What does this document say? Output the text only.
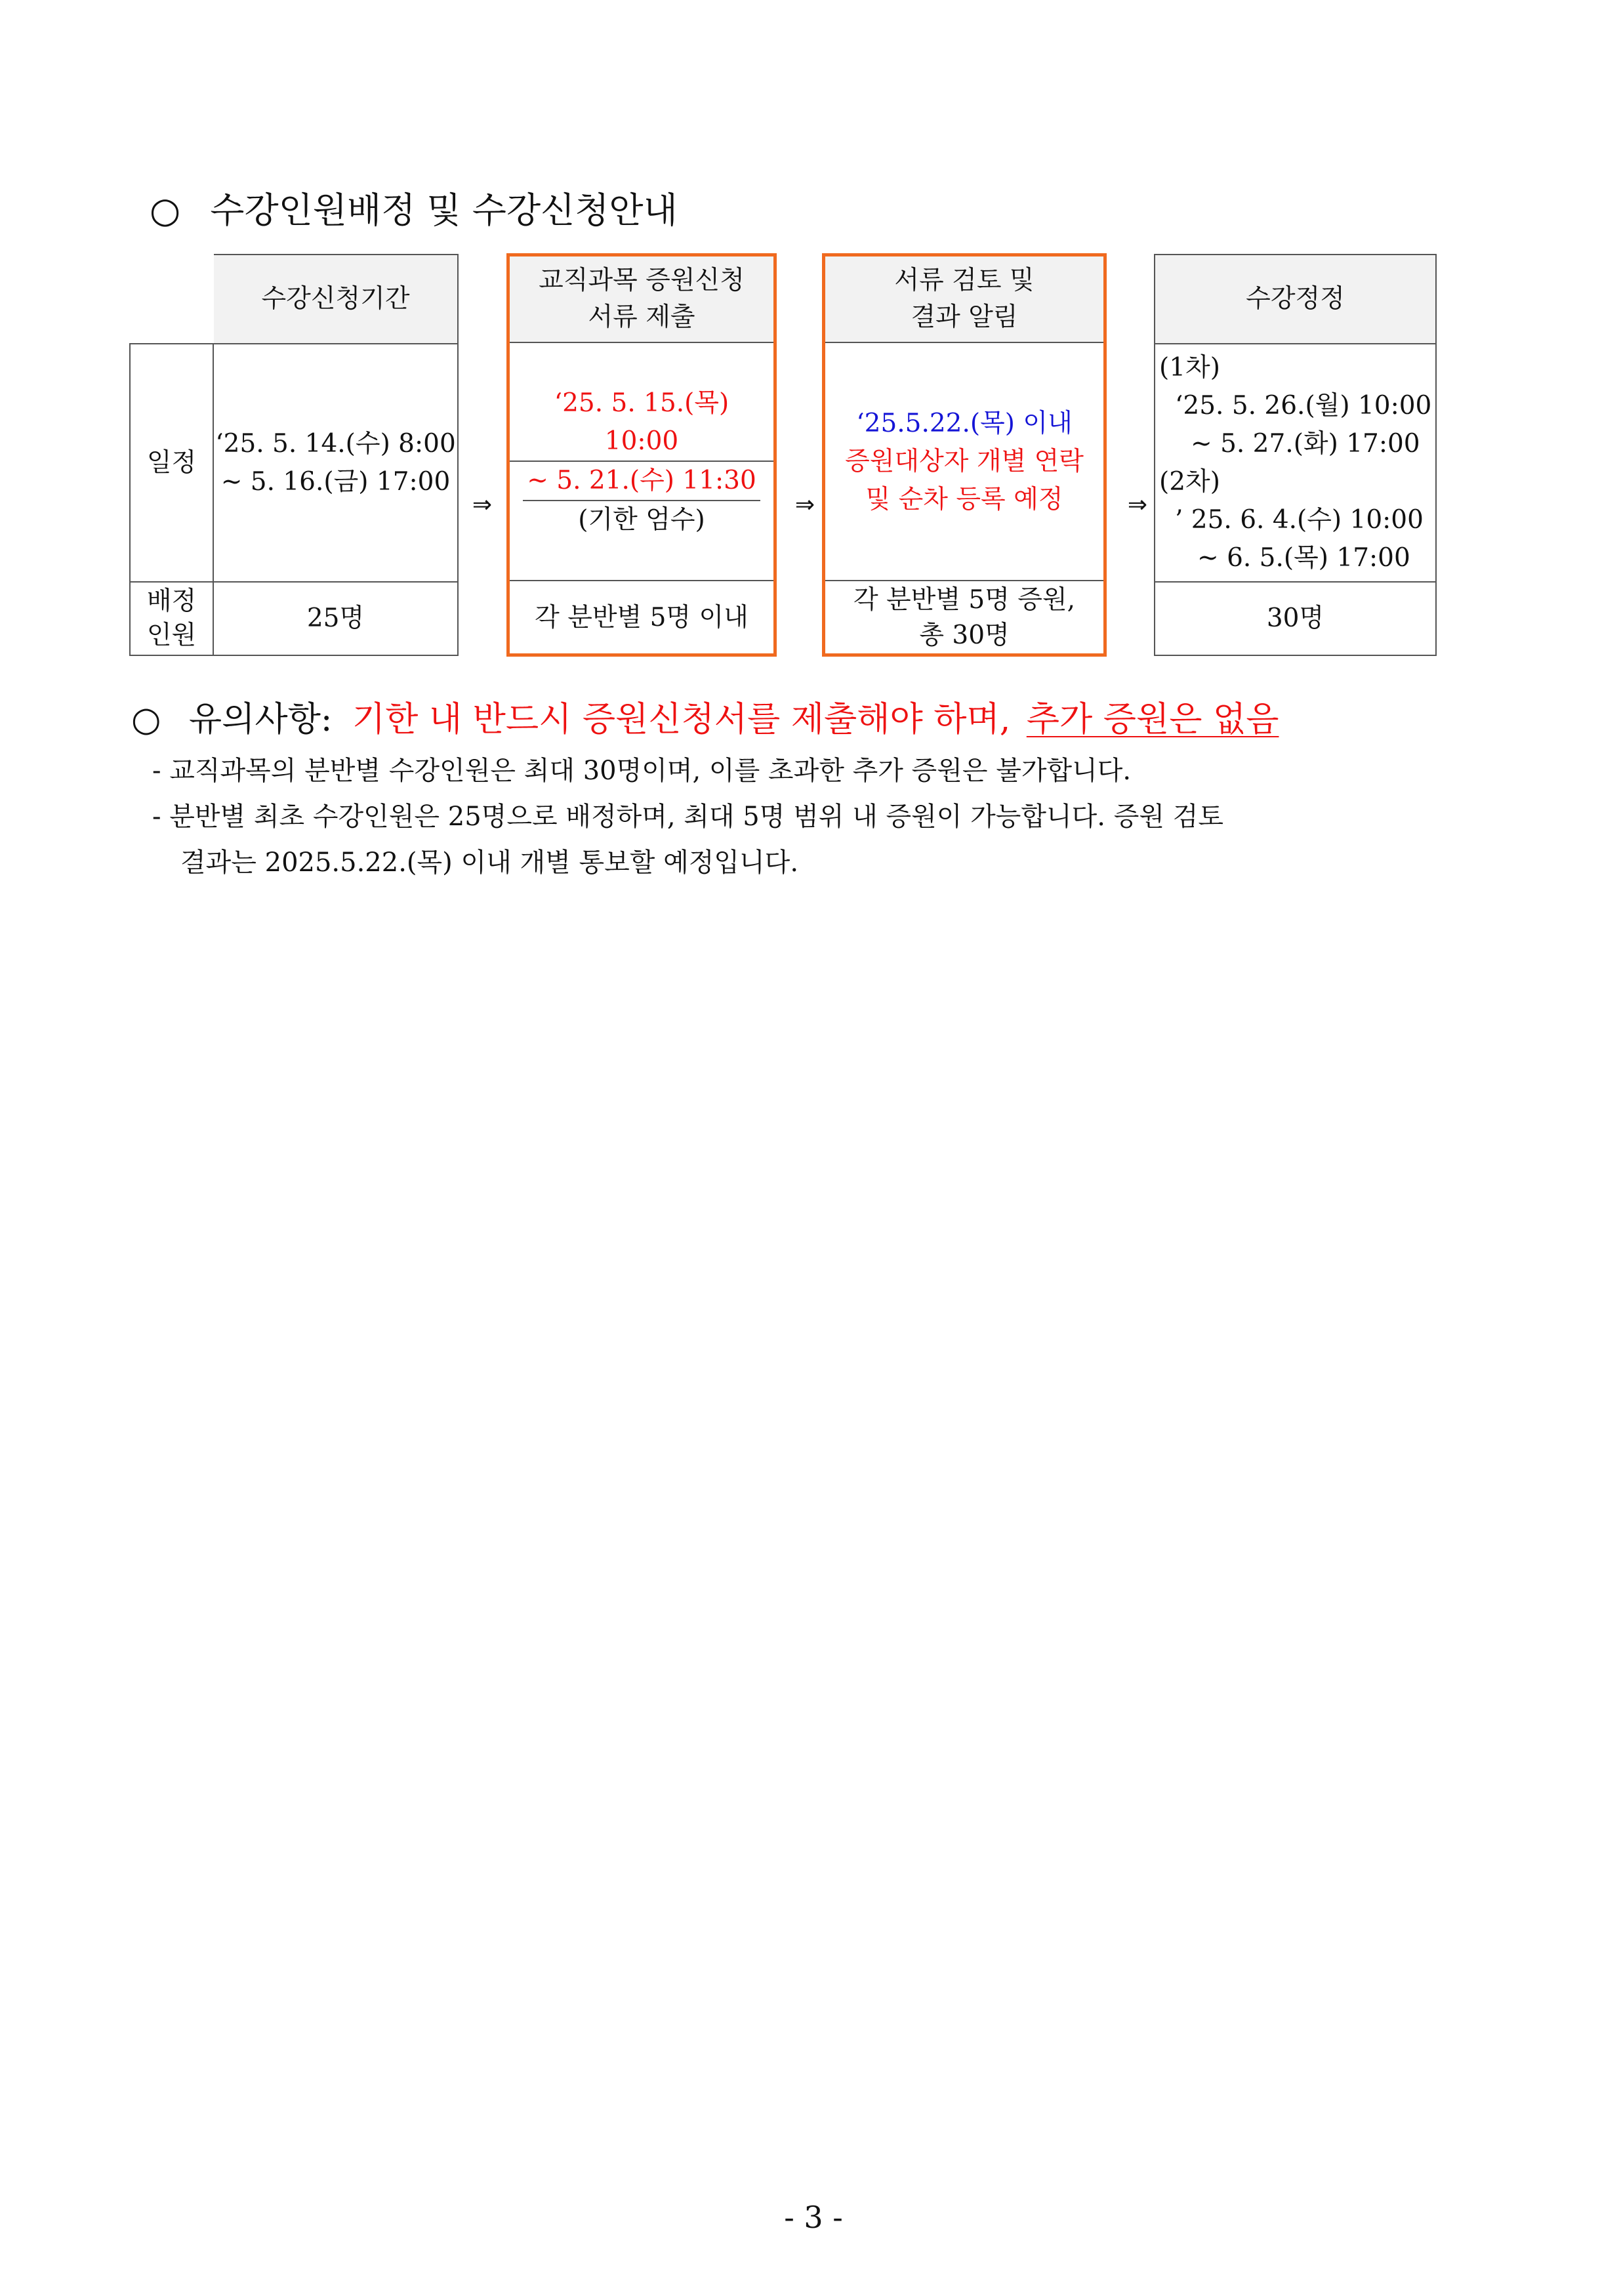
○ 수강인원배정 및 수강신청안내
일정
배정
인원
수강신청기간
‘25. 5. 14.(수) 8:00
~ 5. 16.(금) 17:00
25명
⇒	⇒	⇒
교직과목 증원신청
서류 제출
‘25. 5. 15.(목) 10:00
~ 5. 21.(수) 11:30
(기한 엄수)
각 분반별 5명 이내
서류 검토 및
결과 알림
‘25.5.22.(목) 이내
증원대상자 개별 연락
및 순차 등록 예정
각 분반별 5명 증원,
총 30명
수강정정
(1차)
‘25. 5. 26.(월) 10:00
~ 5. 27.(화) 17:00
(2차)
’ 25. 6. 4.(수) 10:00
~ 6. 5.(목) 17:00
30명
○ 유의사항: 기한 내 반드시 증원신청서를 제출해야 하며, 추가 증원은 없음
- 교직과목의 분반별 수강인원은 최대 30명이며, 이를 초과한 추가 증원은 불가합니다.
- 분반별 최초 수강인원은 25명으로 배정하며, 최대 5명 범위 내 증원이 가능합니다. 증원 검토
결과는 2025.5.22.(목) 이내 개별 통보할 예정입니다.
- 3 -
